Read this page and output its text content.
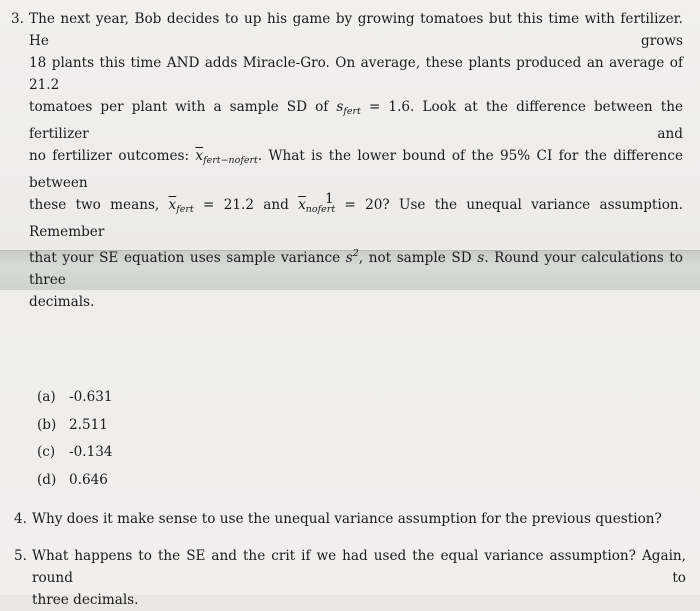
3. The next year, Bob decides to up his game by growing tomatoes but this time with fertilizer. He grows
18 plants this time AND adds Miracle-Gro. On average, these plants produced an average of 21.2
tomatoes per plant with a sample SD of $s_{fert} = 1.6$. Look at the difference between the fertilizer and
no fertilizer outcomes: $\overline{x}_{fert-nofert}$. What is the lower bound of the 95% CI for the difference between
these two means, $\overline{x}_{fert} = 21.2$ and $\overline{x}_{nofert} = 20$? Use the unequal variance assumption. Remember
that your SE equation uses sample variance $s^2$, not sample SD s. Round your calculations to three
decimals.
1
(a) -0.631
(b) 2.511
(c) -0.134
(d) 0.646
4. Why does it make sense to use the unequal variance assumption for the previous question?
5. What happens to the SE and the crit if we had used the equal variance assumption? Again, round to
three decimals.
